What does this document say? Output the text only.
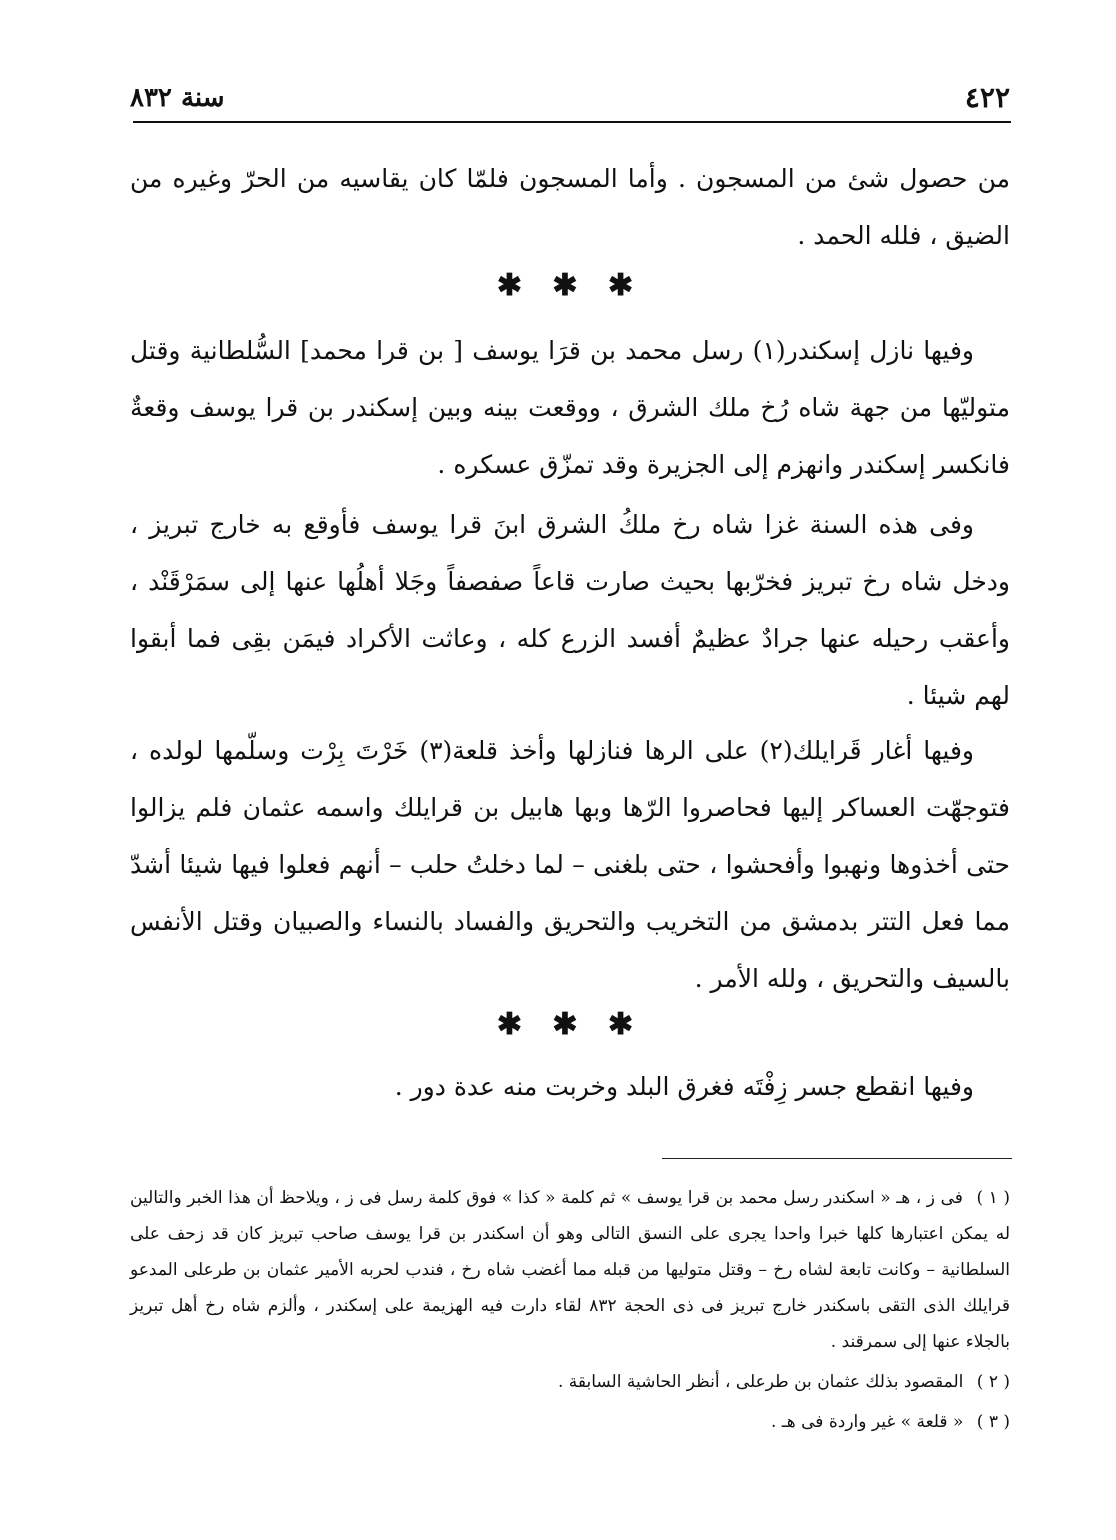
٤٢٢
سنة ٨٣٢

من حصول شئ من المسجون . وأما المسجون فلمّا كان يقاسيه من الحرّ وغيره من الضيق ، فلله الحمد .

✱ ✱ ✱

وفيها نازل إسكندر(١) رسل محمد بن قرَا يوسف [ بن قرا محمد] السُّلطانية وقتل متوليّها من جهة شاه رُخ ملك الشرق ، ووقعت بينه وبين إسكندر بن قرا يوسف وقعةٌ فانكسر إسكندر وانهزم إلى الجزيرة وقد تمزّق عسكره .

وفى هذه السنة غزا شاه رخ ملكُ الشرق ابنَ قرا يوسف فأوقع به خارج تبريز ، ودخل شاه رخ تبريز فخرّبها بحيث صارت قاعاً صفصفاً وجَلا أهلُها عنها إلى سمَرْقَنْد ، وأعقب رحيله عنها جرادٌ عظيمٌ أفسد الزرع كله ، وعاثت الأكراد فيمَن بقِى فما أبقوا لهم شيئا .

وفيها أغار قَرايلك(٢) على الرها فنازلها وأخذ قلعة(٣) خَرْتَ بِرْت وسلّمها لولده ، فتوجهّت العساكر إليها فحاصروا الرّها وبها هابيل بن قرايلك واسمه عثمان فلم يزالوا حتى أخذوها ونهبوا وأفحشوا ، حتى بلغنى – لما دخلتُ حلب – أنهم فعلوا فيها شيئا أشدّ مما فعل التتر بدمشق من التخريب والتحريق والفساد بالنساء والصبيان وقتل الأنفس بالسيف والتحريق ، ولله الأمر .

✱ ✱ ✱

وفيها انقطع جسر زِفْتَه فغرق البلد وخربت منه عدة دور .

( ١ ) فى ز ، هـ « اسكندر رسل محمد بن قرا يوسف » ثم كلمة « كذا » فوق كلمة رسل فى ز ، ويلاحظ أن هذا الخبر والتالين له يمكن اعتبارها كلها خبرا واحدا يجرى على النسق التالى وهو أن اسكندر بن قرا يوسف صاحب تبريز كان قد زحف على السلطانية – وكانت تابعة لشاه رخ – وقتل متوليها من قبله مما أغضب شاه رخ ، فندب لحربه الأمير عثمان بن طرعلى المدعو قرايلك الذى التقى باسكندر خارج تبريز فى ذى الحجة ٨٣٢ لقاء دارت فيه الهزيمة على إسكندر ، وألزم شاه رخ أهل تبريز بالجلاء عنها إلى سمرقند .

( ٢ ) المقصود بذلك عثمان بن طرعلى ، أنظر الحاشية السابقة .

( ٣ ) « قلعة » غير واردة فى هـ .
